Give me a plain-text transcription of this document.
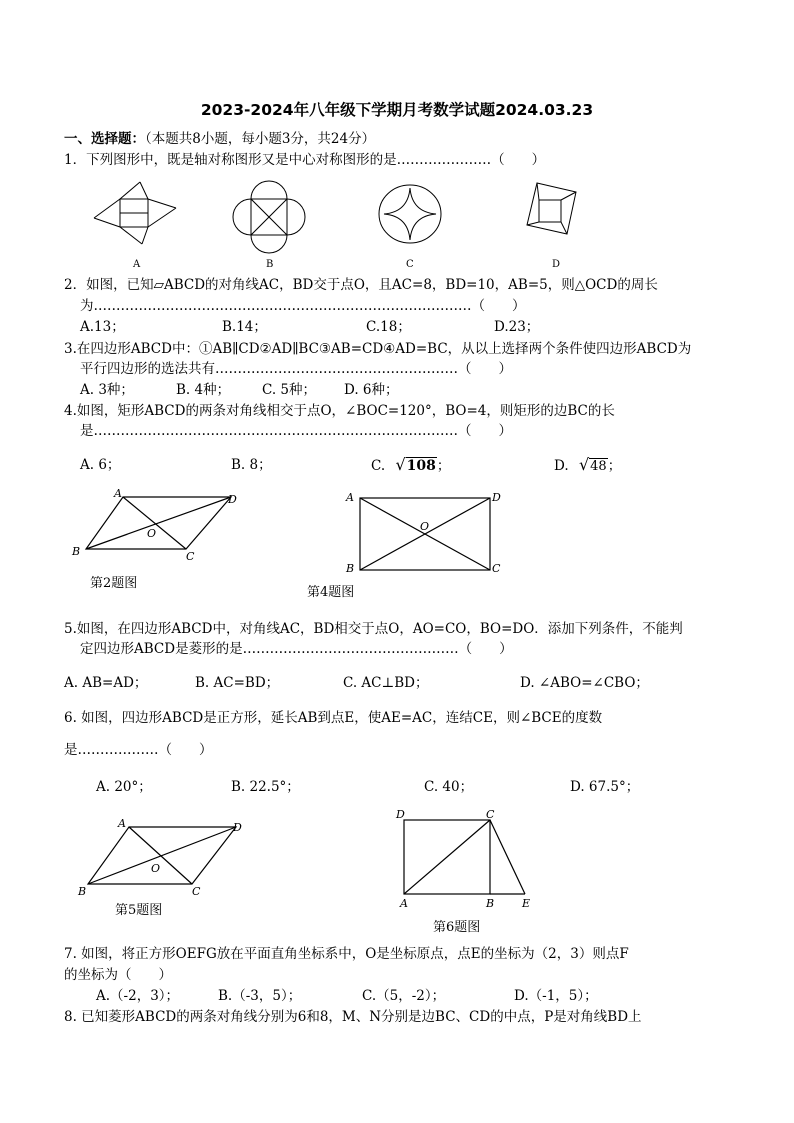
2023-2024年八年级下学期月考数学试题2024.03.23
一、选择题：（本题共8小题，每小题3分，共24分）
1．下列图形中，既是轴对称图形又是中心对称图形的是…………………（　　）
A	B	C	D
2．如图，已知▱ABCD的对角线AC，BD交于点O，且AC=8，BD=10，AB=5，则△OCD的周长
为…………………………………………………………………………（　　）
A.13；	B.14；	C.18；	D.23；
3.在四边形ABCD中：①AB∥CD②AD∥BC③AB=CD④AD=BC，从以上选择两个条件使四边形ABCD为
平行四边形的选法共有………………………………………………（　　）
A. 3种；	B. 4种； C. 5种； D. 6种；
4.如图，矩形ABCD的两条对角线相交于点O，∠BOC=120°，BO=4，则矩形的边BC的长
是………………………………………………………………………（　　）
A. 6；	B. 8；	C. √108；	D. √48；
A	D
B	C
O
第2题图
A	D
B	C
O
第4题图
5.如图，在四边形ABCD中，对角线AC，BD相交于点O，AO=CO，BO=DO．添加下列条件，不能判
定四边形ABCD是菱形的是…………………………………………（　　）
A. AB=AD；	B. AC=BD；	C. AC⊥BD；	D. ∠ABO=∠CBO；
6. 如图，四边形ABCD是正方形，延长AB到点E，使AE=AC，连结CE，则∠BCE的度数
是………………（　　）
A. 20°；	B. 22.5°；	C. 40；	D. 67.5°；
A	D
B	C
O
第5题图
D	C
A	B	E
第6题图
7. 如图，将正方形OEFG放在平面直角坐标系中，O是坐标原点，点E的坐标为（2，3）则点F
的坐标为（　　）
A.（-2，3）；	B.（-3，5）；	C.（5，-2）；	D.（-1，5）；
8. 已知菱形ABCD的两条对角线分别为6和8，M、N分别是边BC、CD的中点，P是对角线BD上
